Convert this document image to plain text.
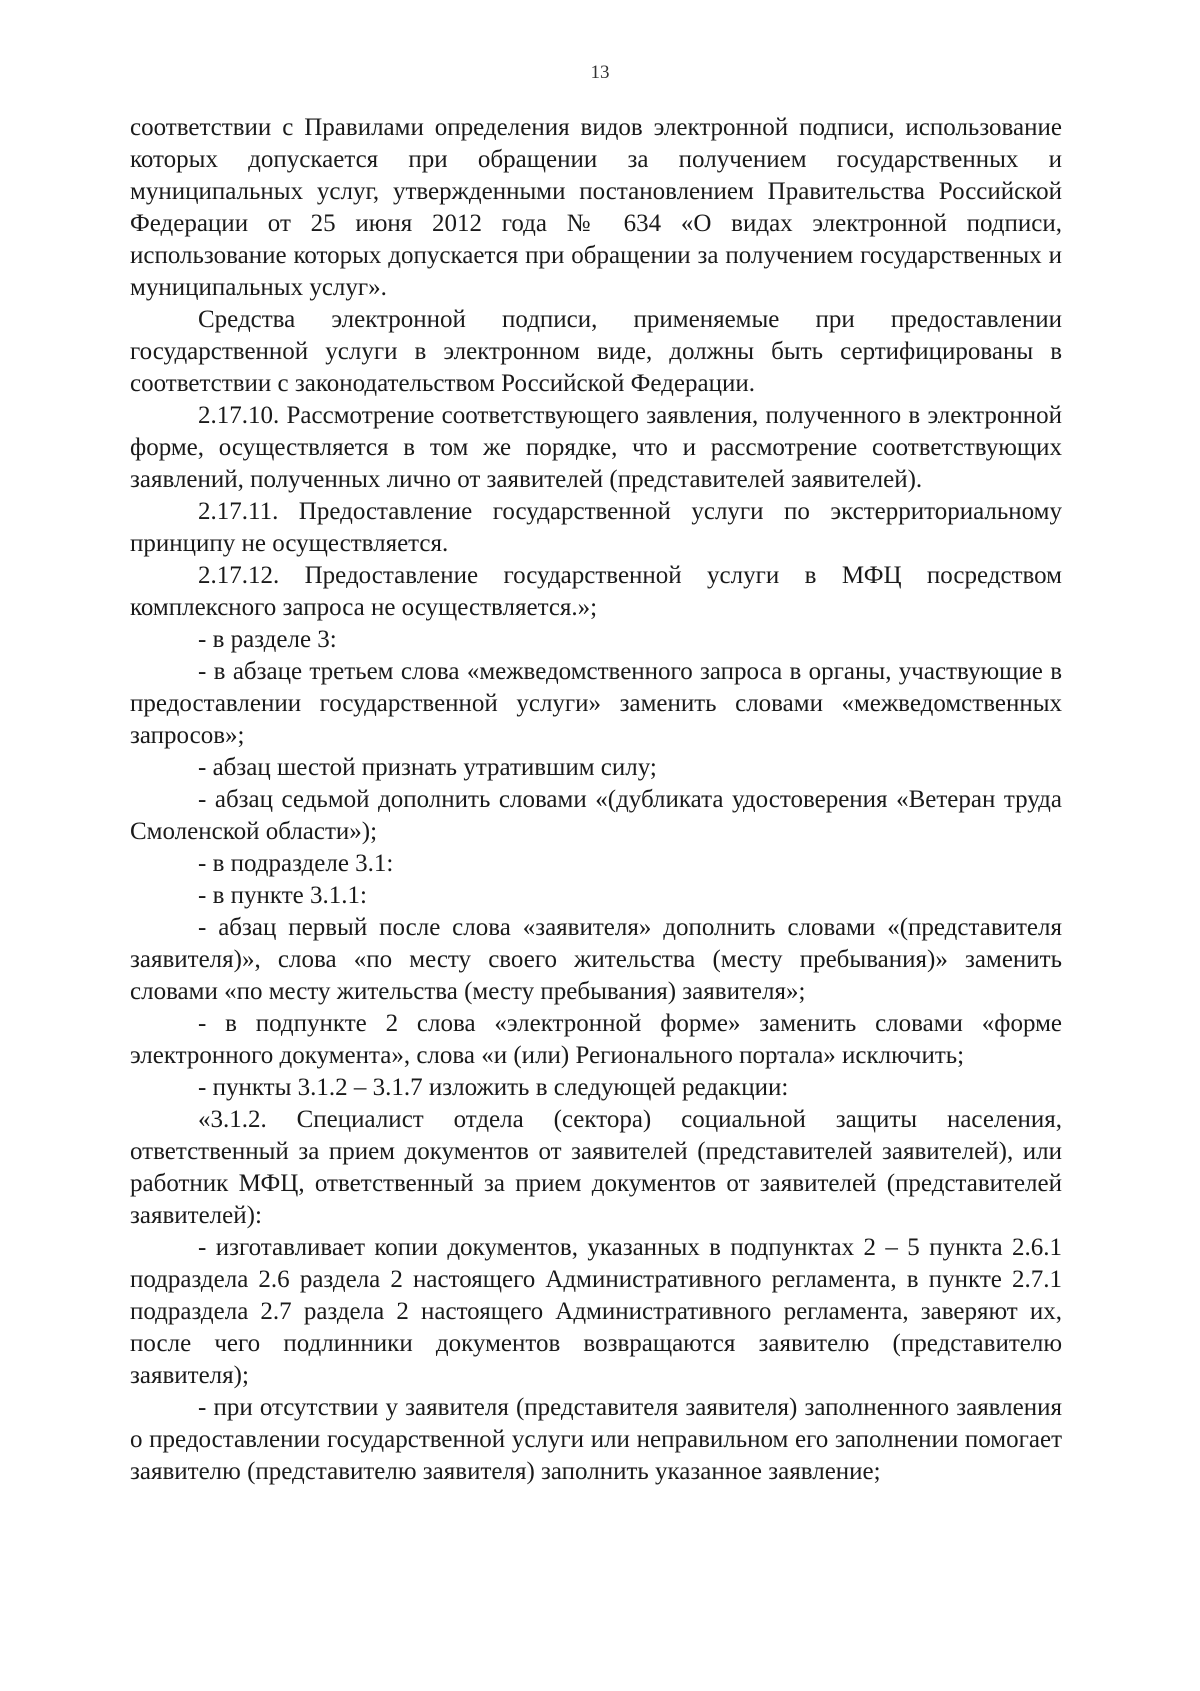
13

соответствии с Правилами определения видов электронной подписи, использование которых допускается при обращении за получением государственных и муниципальных услуг, утвержденными постановлением Правительства Российской Федерации от 25 июня 2012 года № 634 «О видах электронной подписи, использование которых допускается при обращении за получением государственных и муниципальных услуг».

Средства электронной подписи, применяемые при предоставлении государственной услуги в электронном виде, должны быть сертифицированы в соответствии с законодательством Российской Федерации.

2.17.10. Рассмотрение соответствующего заявления, полученного в электронной форме, осуществляется в том же порядке, что и рассмотрение соответствующих заявлений, полученных лично от заявителей (представителей заявителей).

2.17.11. Предоставление государственной услуги по экстерриториальному принципу не осуществляется.

2.17.12. Предоставление государственной услуги в МФЦ посредством комплексного запроса не осуществляется.»;

- в разделе 3:

- в абзаце третьем слова «межведомственного запроса в органы, участвующие в предоставлении государственной услуги» заменить словами «межведомственных запросов»;

- абзац шестой признать утратившим силу;

- абзац седьмой дополнить словами «(дубликата удостоверения «Ветеран труда Смоленской области»);

- в подразделе 3.1:

- в пункте 3.1.1:

- абзац первый после слова «заявителя» дополнить словами «(представителя заявителя)», слова «по месту своего жительства (месту пребывания)» заменить словами «по месту жительства (месту пребывания) заявителя»;

- в подпункте 2 слова «электронной форме» заменить словами «форме электронного документа», слова «и (или) Регионального портала» исключить;

- пункты 3.1.2 – 3.1.7 изложить в следующей редакции:

«3.1.2. Специалист отдела (сектора) социальной защиты населения, ответственный за прием документов от заявителей (представителей заявителей), или работник МФЦ, ответственный за прием документов от заявителей (представителей заявителей):

- изготавливает копии документов, указанных в подпунктах 2 – 5 пункта 2.6.1 подраздела 2.6 раздела 2 настоящего Административного регламента, в пункте 2.7.1 подраздела 2.7 раздела 2 настоящего Административного регламента, заверяют их, после чего подлинники документов возвращаются заявителю (представителю заявителя);

- при отсутствии у заявителя (представителя заявителя) заполненного заявления о предоставлении государственной услуги или неправильном его заполнении помогает заявителю (представителю заявителя) заполнить указанное заявление;
